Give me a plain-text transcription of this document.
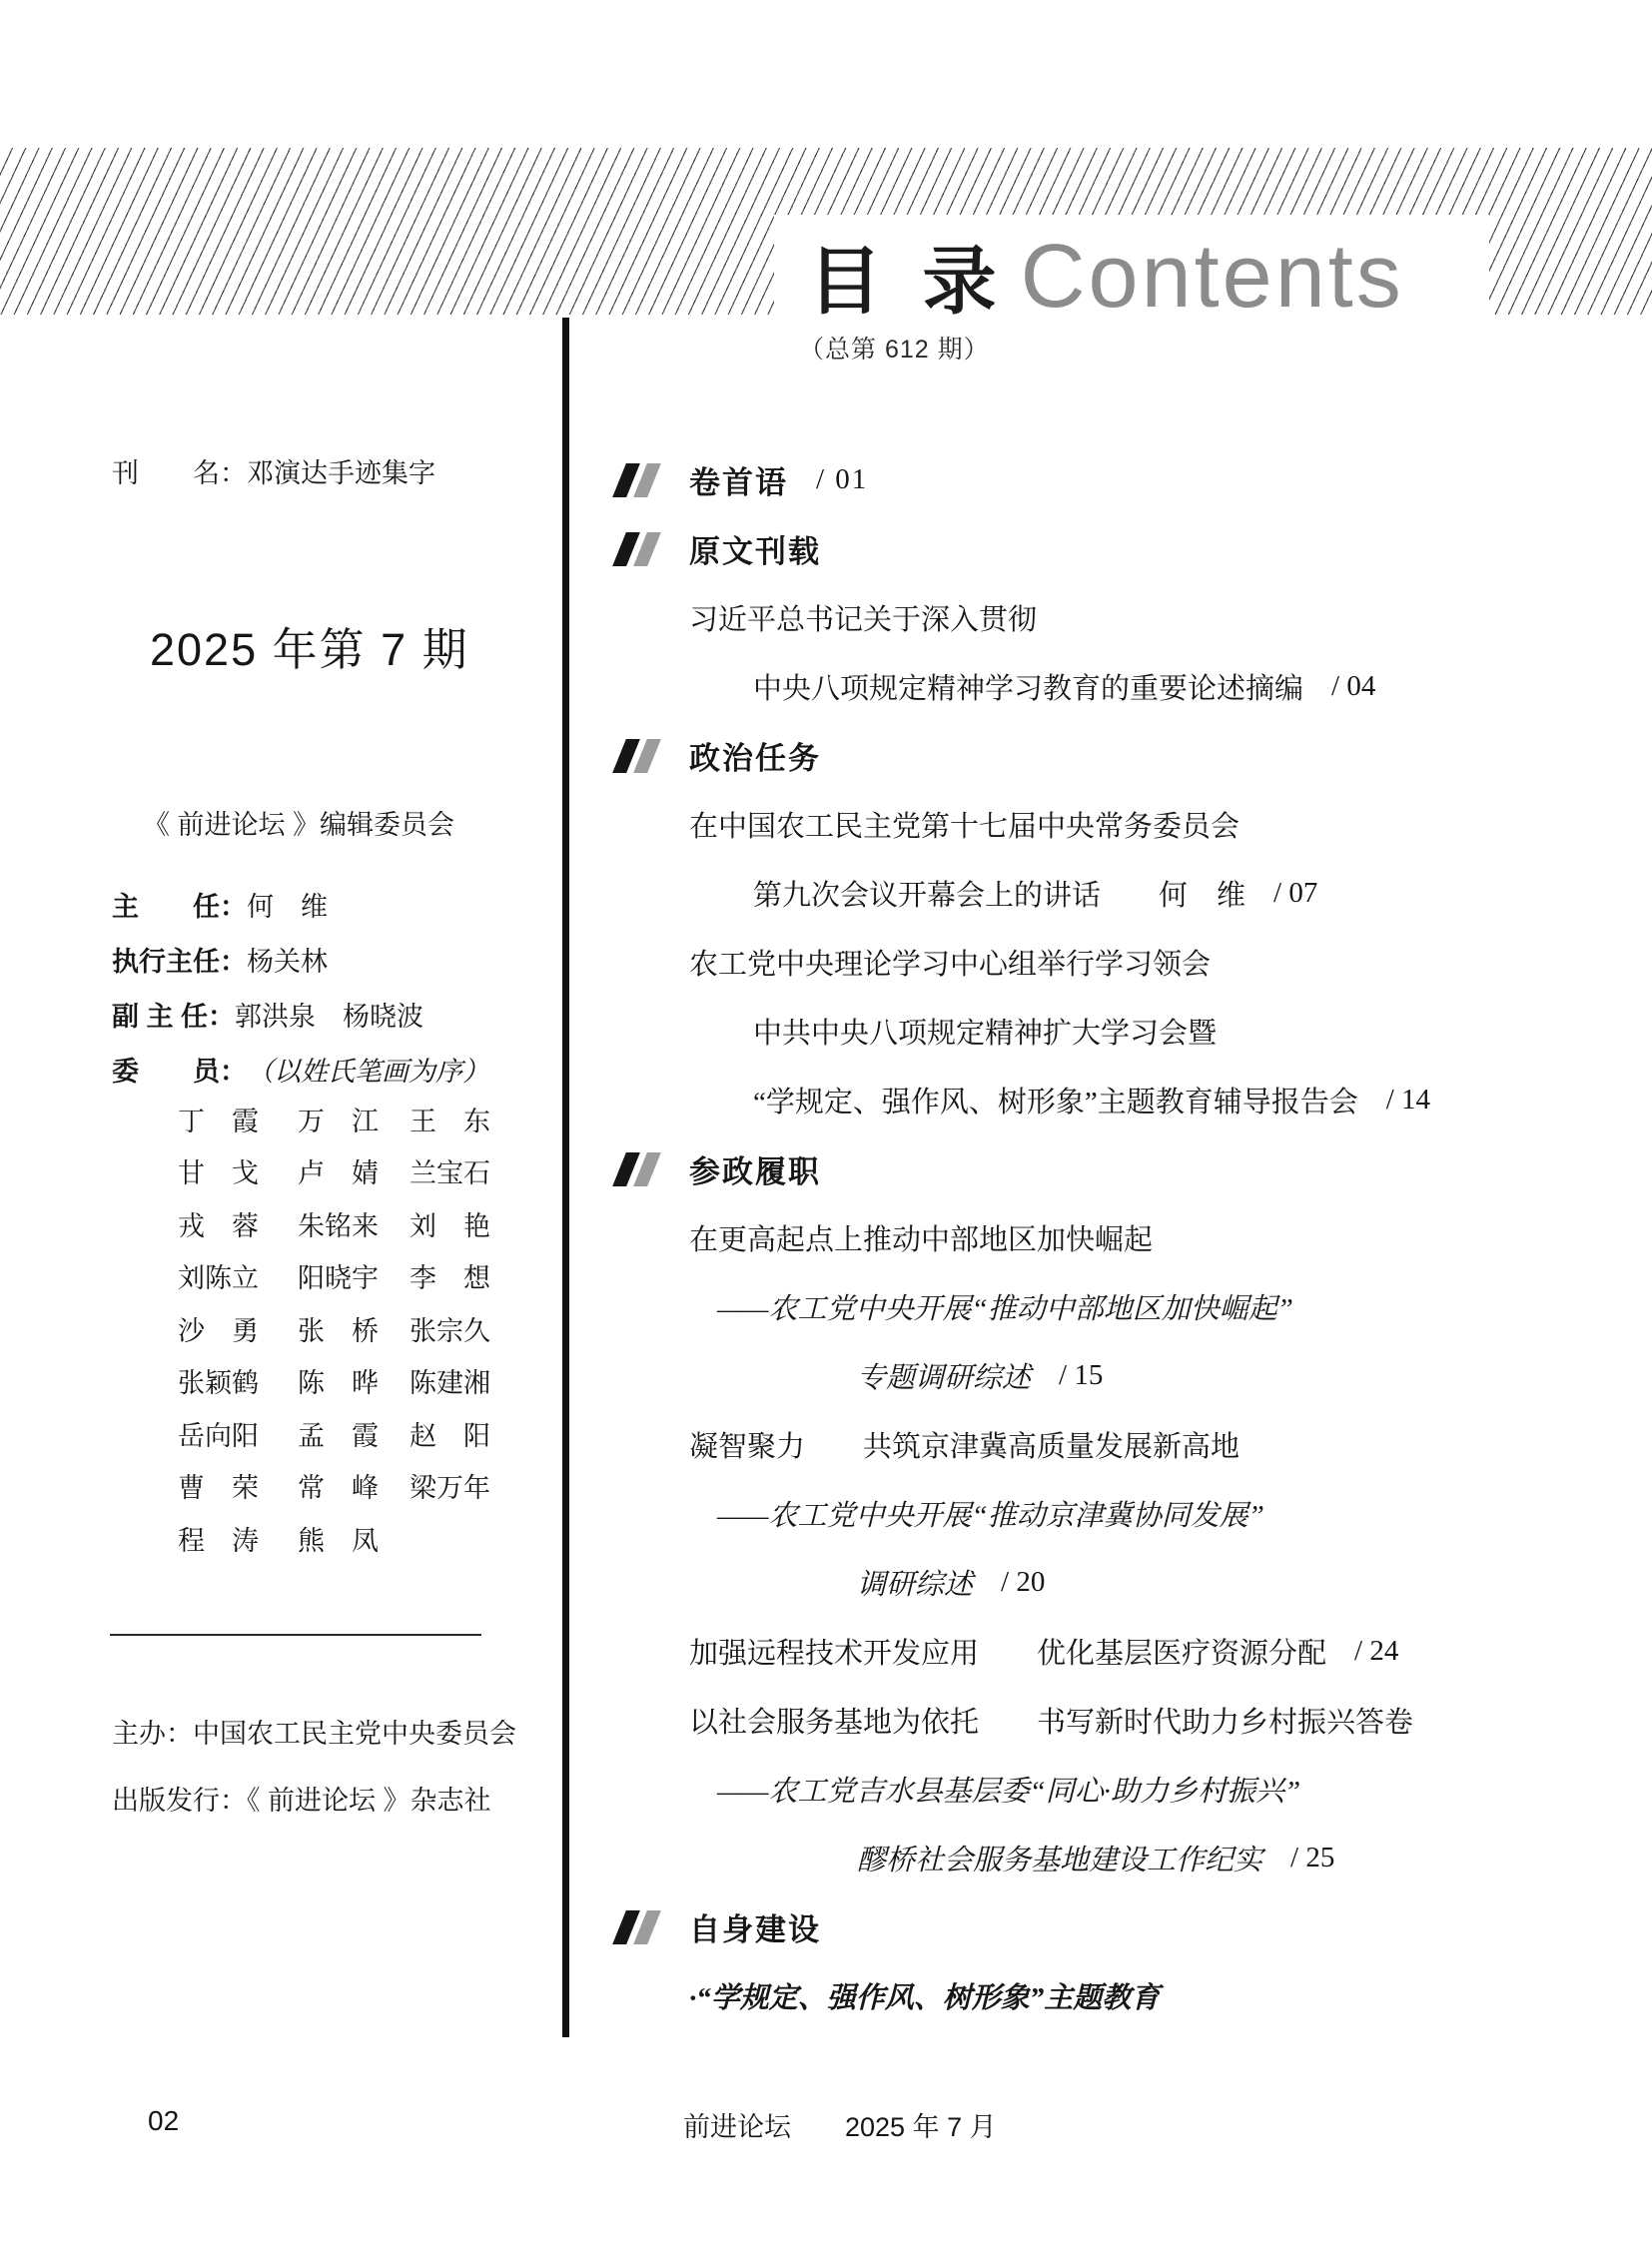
目 录 Contents
（总第 612 期）
刊　　名：邓演达手迹集字
2025 年第 7 期
《 前进论坛 》编辑委员会
主　　任： 何　维
执行主任： 杨关林
副 主 任： 郭洪泉　杨晓波
委　　员： （以姓氏笔画为序）
丁　霞	万　江	王　东
甘　戈	卢　婧	兰宝石
戎　蓉	朱铭来	刘　艳
刘陈立	阳晓宇	李　想
沙　勇	张　桥	张宗久
张颖鹤	陈　晔	陈建湘
岳向阳	孟　霞	赵　阳
曹　荣	常　峰	梁万年
程　涛	熊　凤
主办：中国农工民主党中央委员会
出版发行：《 前进论坛 》杂志社
卷首语 / 01
原文刊载
习近平总书记关于深入贯彻
中央八项规定精神学习教育的重要论述摘编 / 04
政治任务
在中国农工民主党第十七届中央常务委员会
第九次会议开幕会上的讲话　　何　维 / 07
农工党中央理论学习中心组举行学习领会
中共中央八项规定精神扩大学习会暨
“学规定、强作风、树形象”主题教育辅导报告会 / 14
参政履职
在更高起点上推动中部地区加快崛起
——农工党中央开展“推动中部地区加快崛起”
专题调研综述 / 15
凝智聚力　　共筑京津冀高质量发展新高地
——农工党中央开展“推动京津冀协同发展”
调研综述 / 20
加强远程技术开发应用　　优化基层医疗资源分配 / 24
以社会服务基地为依托　　书写新时代助力乡村振兴答卷
——农工党吉水县基层委“同心·助力乡村振兴”
醪桥社会服务基地建设工作纪实 / 25
自身建设
·“学规定、强作风、树形象”主题教育
02	前进论坛　　2025 年 7 月
